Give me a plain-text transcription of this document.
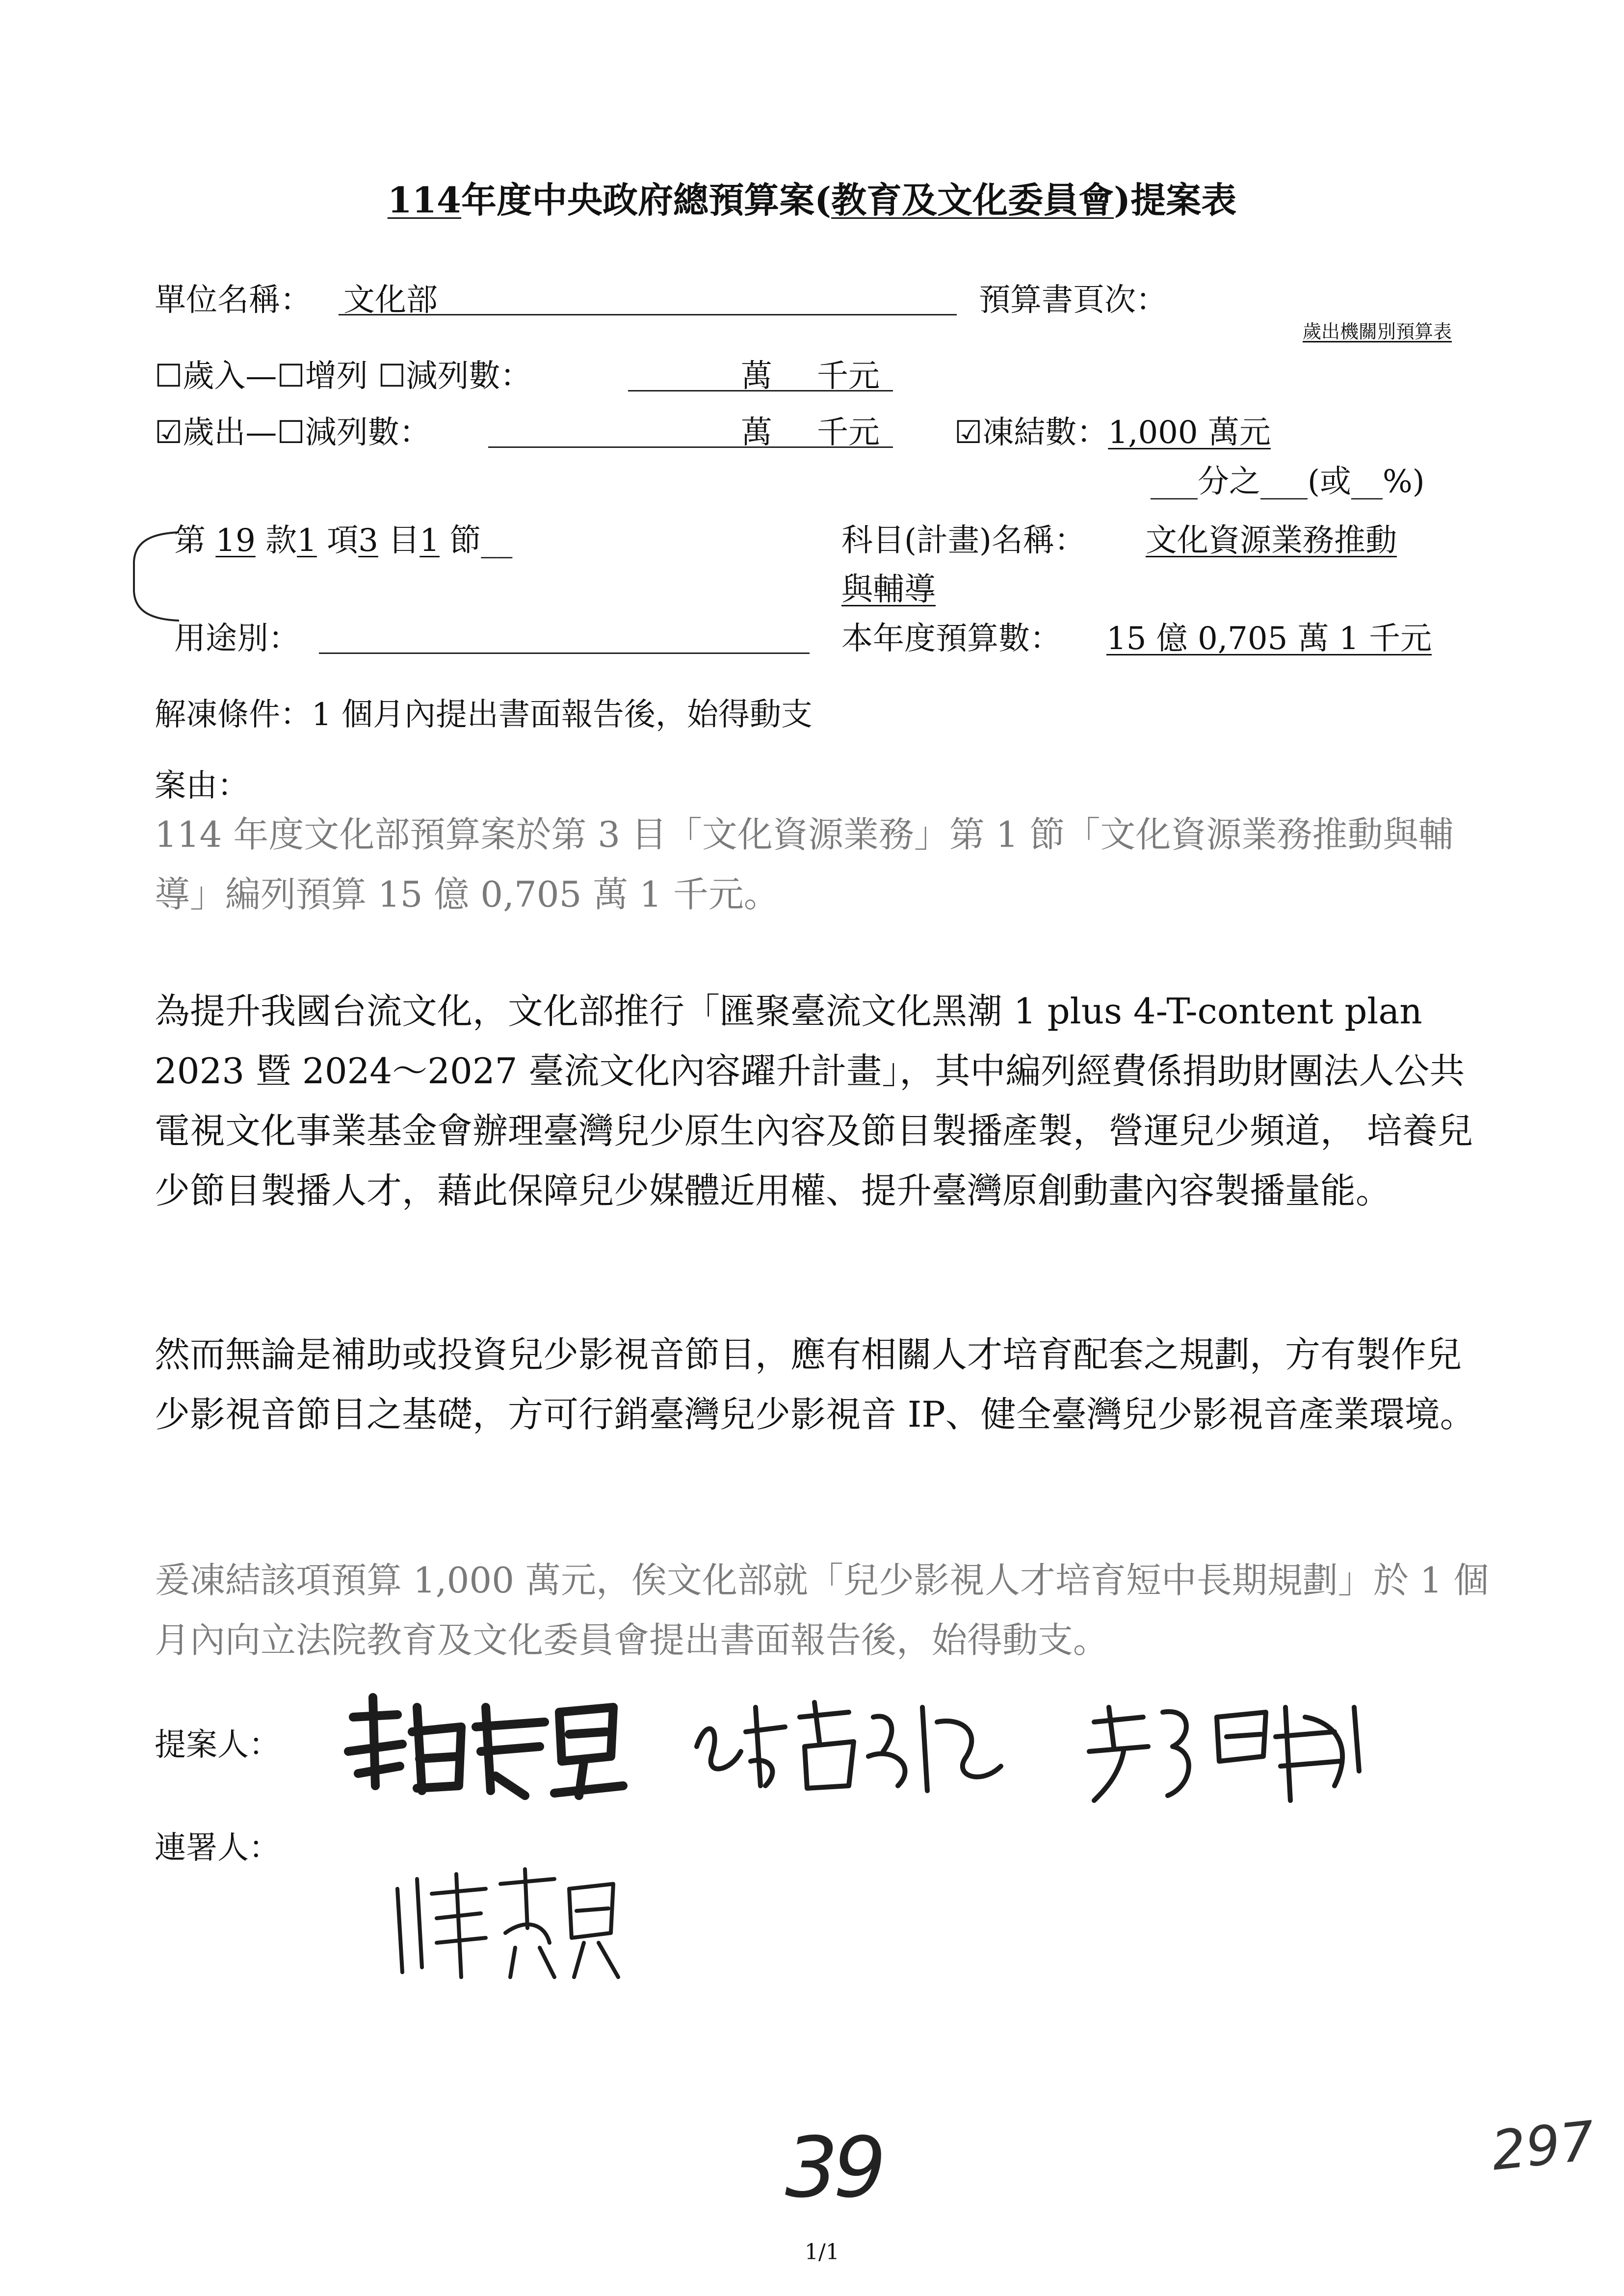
114年度中央政府總預算案(教育及文化委員會)提案表
單位名稱： 文化部	預算書頁次：
歲出機關別預算表
☐歲入—☐增列 ☐減列數：	萬 千元
☑歲出—☐減列數：	萬 千元 ☑凍結數：1,000 萬元
___分之___(或__%)
第 19 款1 項3 目1 節__	科目(計畫)名稱： 文化資源業務推動
與輔導
用途別：	本年度預算數： 15 億 0,705 萬 1 千元
解凍條件：1 個月內提出書面報告後，始得動支
案由：
114 年度文化部預算案於第 3 目「文化資源業務」第 1 節「文化資源業務推動與輔導」編列預算 15 億 0,705 萬 1 千元。
為提升我國台流文化，文化部推行「匯聚臺流文化黑潮 1 plus 4-T-content plan 2023 暨 2024～2027 臺流文化內容躍升計畫」，其中編列經費係捐助財團法人公共電視文化事業基金會辦理臺灣兒少原生內容及節目製播產製，營運兒少頻道， 培養兒少節目製播人才，藉此保障兒少媒體近用權、提升臺灣原創動畫內容製播量能。
然而無論是補助或投資兒少影視音節目，應有相關人才培育配套之規劃，方有製作兒少影視音節目之基礎，方可行銷臺灣兒少影視音 IP、健全臺灣兒少影視音產業環境。
爰凍結該項預算 1,000 萬元，俟文化部就「兒少影視人才培育短中長期規劃」於 1 個月內向立法院教育及文化委員會提出書面報告後，始得動支。
提案人：
連署人：
39
1/1
297
